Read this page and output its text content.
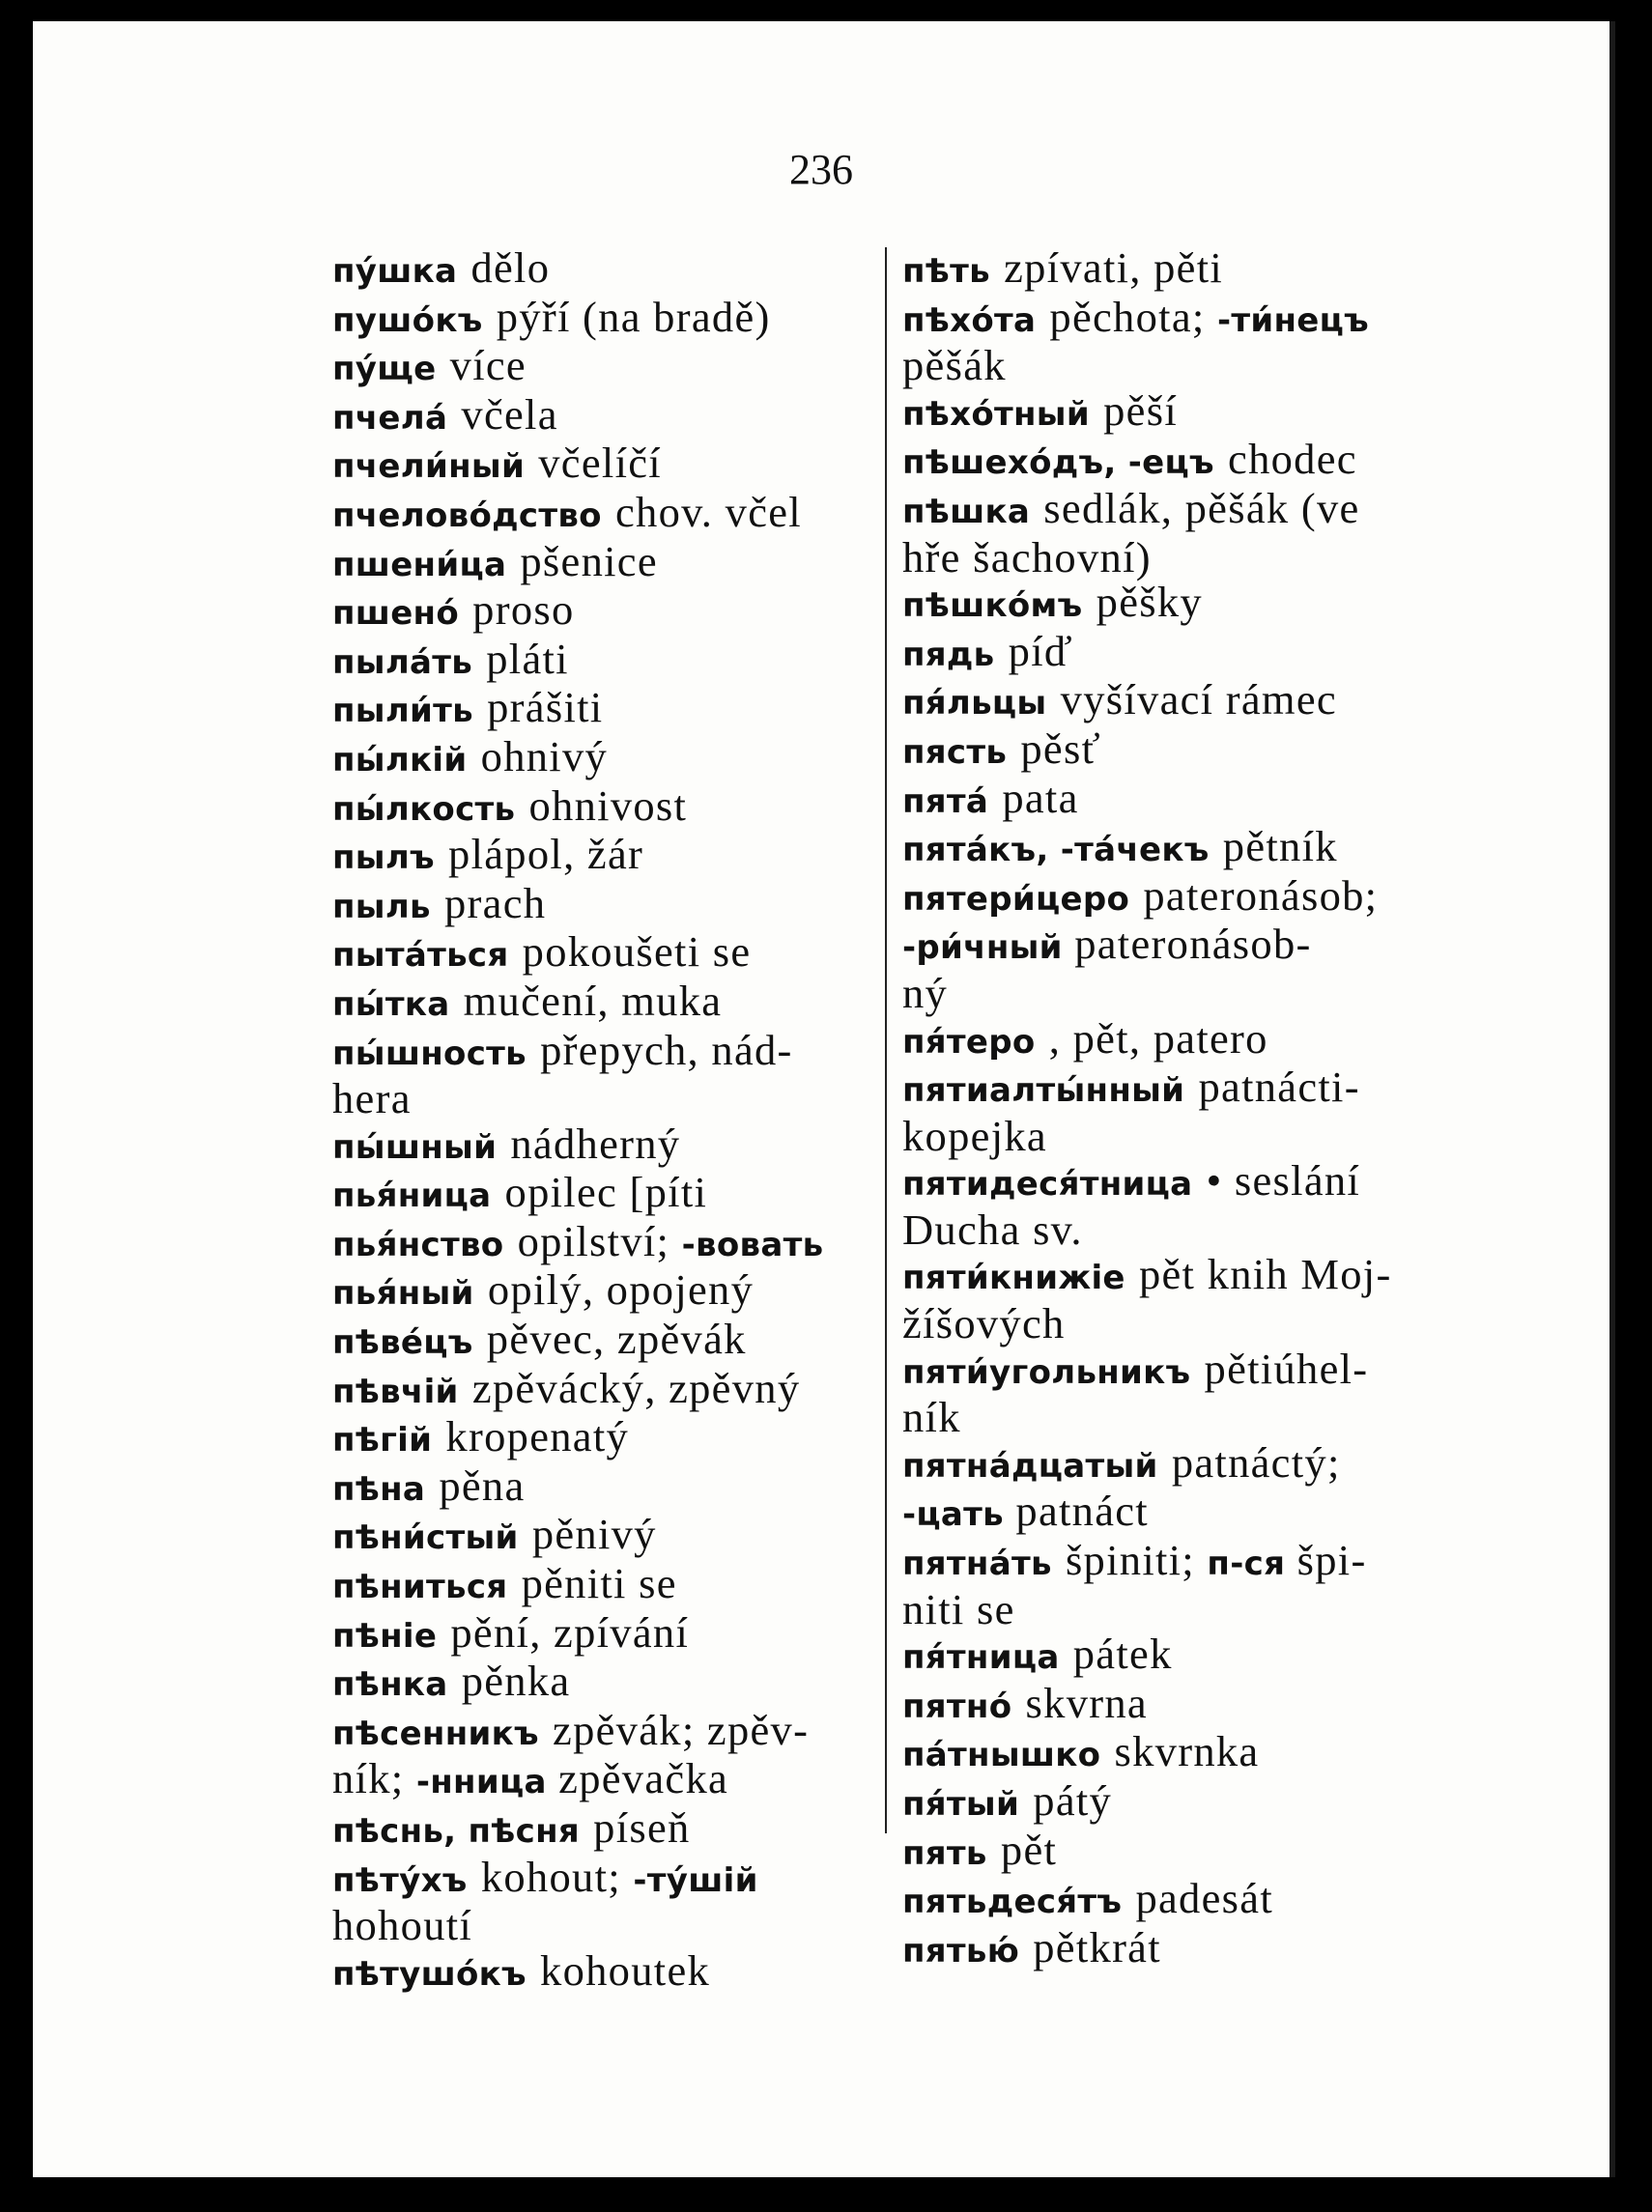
236
пу́шка dělo
пушо́къ pýří (na bradě)
пу́ще více
пчела́ včela
пчели́ный včelíčí
пчелово́дство chov. včel
пшени́ца pšenice
пшено́ proso
пыла́ть pláti
пыли́ть prášiti
пы́лкій ohnivý
пы́лкость ohnivost
пылъ plápol, žár
пыль prach
пыта́ться pokoušeti se
пы́тка mučení, muka
пы́шность přepych, nád-
hera
пы́шный nádherný
пья́ница opilec [píti
пья́нство opilství; -вовать
пья́ный opilý, opojený
пѣве́цъ pěvec, zpěvák
пѣвчій zpěvácký, zpěvný
пѣгій kropenatý
пѣна pěna
пѣни́стый pěnivý
пѣниться pěniti se
пѣніе pění, zpívání
пѣнка pěnka
пѣсенникъ zpěvák; zpěv-
ník; -нница zpěvačka
пѣснь, пѣсня píseň
пѣту́хъ kohout; -ту́шій
hohoutí
пѣтушо́къ kohoutek
пѣть zpívati, pěti
пѣхо́та pěchota; -ти́нецъ
pěšák
пѣхо́тный pěší
пѣшехо́дъ, -ецъ chodec
пѣшка sedlák, pěšák (ve
hře šachovní)
пѣшко́мъ pěšky
пядь píď
пя́льцы vyšívací rámec
пясть pěsť
пята́ pata
пята́къ, -та́чекъ pětník
пятери́церо pateronásob;
-ри́чный pateronásob-
ný
пя́теро , pět, patero
пятиалты́нный patnácti-
kopejka
пятидеся́тница • seslání
Ducha sv.
пяти́книжіе pět knih Moj-
žíšových
пяти́угольникъ pětiúhel-
ník
пятна́дцатый patnáctý;
-цать patnáct
пятна́ть špiniti; п-ся špi-
niti se
пя́тница pátek
пятно́ skvrna
па́тнышко skvrnka
пя́тый pátý
пять pět
пятьдеся́тъ padesát
пятью́ pětkrát
